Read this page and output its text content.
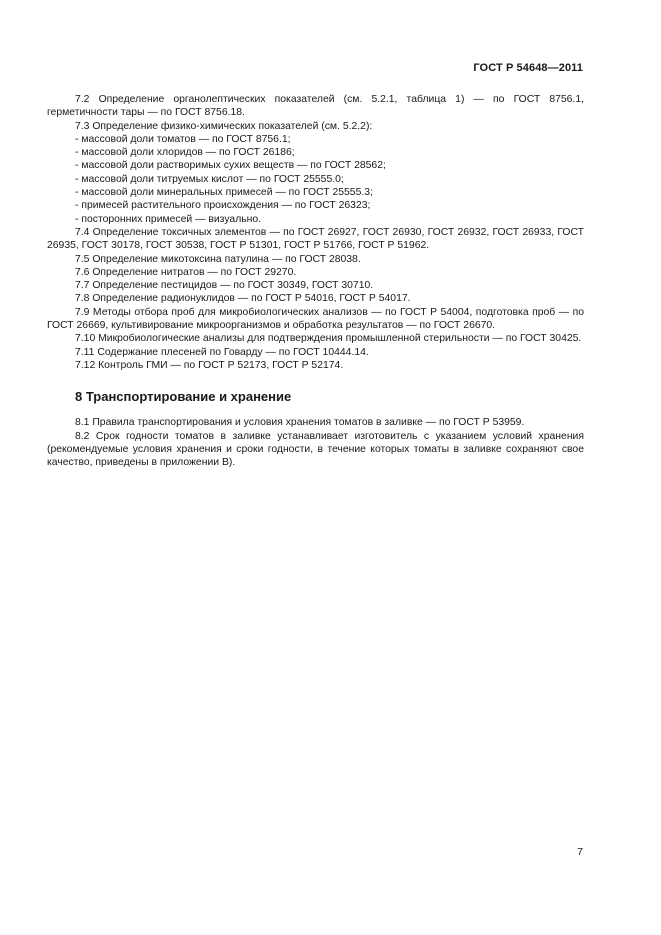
ГОСТ Р 54648—2011

7.2 Определение органолептических показателей (см. 5.2.1, таблица 1) — по ГОСТ 8756.1, герметичности тары — по ГОСТ 8756.18.

7.3 Определение физико-химических показателей (см. 5.2.2):

- массовой доли томатов — по ГОСТ 8756.1;

- массовой доли хлоридов — по ГОСТ 26186;

- массовой доли растворимых сухих веществ — по ГОСТ 28562;

- массовой доли титруемых кислот — по ГОСТ 25555.0;

- массовой доли минеральных примесей — по ГОСТ 25555.3;

- примесей растительного происхождения — по ГОСТ 26323;

- посторонних примесей — визуально.

7.4 Определение токсичных элементов — по ГОСТ 26927, ГОСТ 26930, ГОСТ 26932, ГОСТ 26933, ГОСТ 26935, ГОСТ 30178, ГОСТ 30538, ГОСТ Р 51301, ГОСТ Р 51766, ГОСТ Р 51962.

7.5 Определение микотоксина патулина — по ГОСТ 28038.

7.6 Определение нитратов — по ГОСТ 29270.

7.7 Определение пестицидов — по ГОСТ 30349, ГОСТ 30710.

7.8 Определение радионуклидов — по ГОСТ Р 54016, ГОСТ Р 54017.

7.9 Методы отбора проб для микробиологических анализов — по ГОСТ Р 54004, подготовка проб — по ГОСТ 26669, культивирование микроорганизмов и обработка результатов — по ГОСТ 26670.

7.10 Микробиологические анализы для подтверждения промышленной стерильности — по ГОСТ 30425.

7.11 Содержание плесеней по Говарду — по ГОСТ 10444.14.

7.12 Контроль ГМИ — по ГОСТ Р 52173, ГОСТ Р 52174.

8 Транспортирование и хранение

8.1 Правила транспортирования и условия хранения томатов в заливке — по ГОСТ Р 53959.

8.2 Срок годности томатов в заливке устанавливает изготовитель с указанием условий хранения (рекомендуемые условия хранения и сроки годности, в течение которых томаты в заливке сохраняют свое качество, приведены в приложении В).

7
